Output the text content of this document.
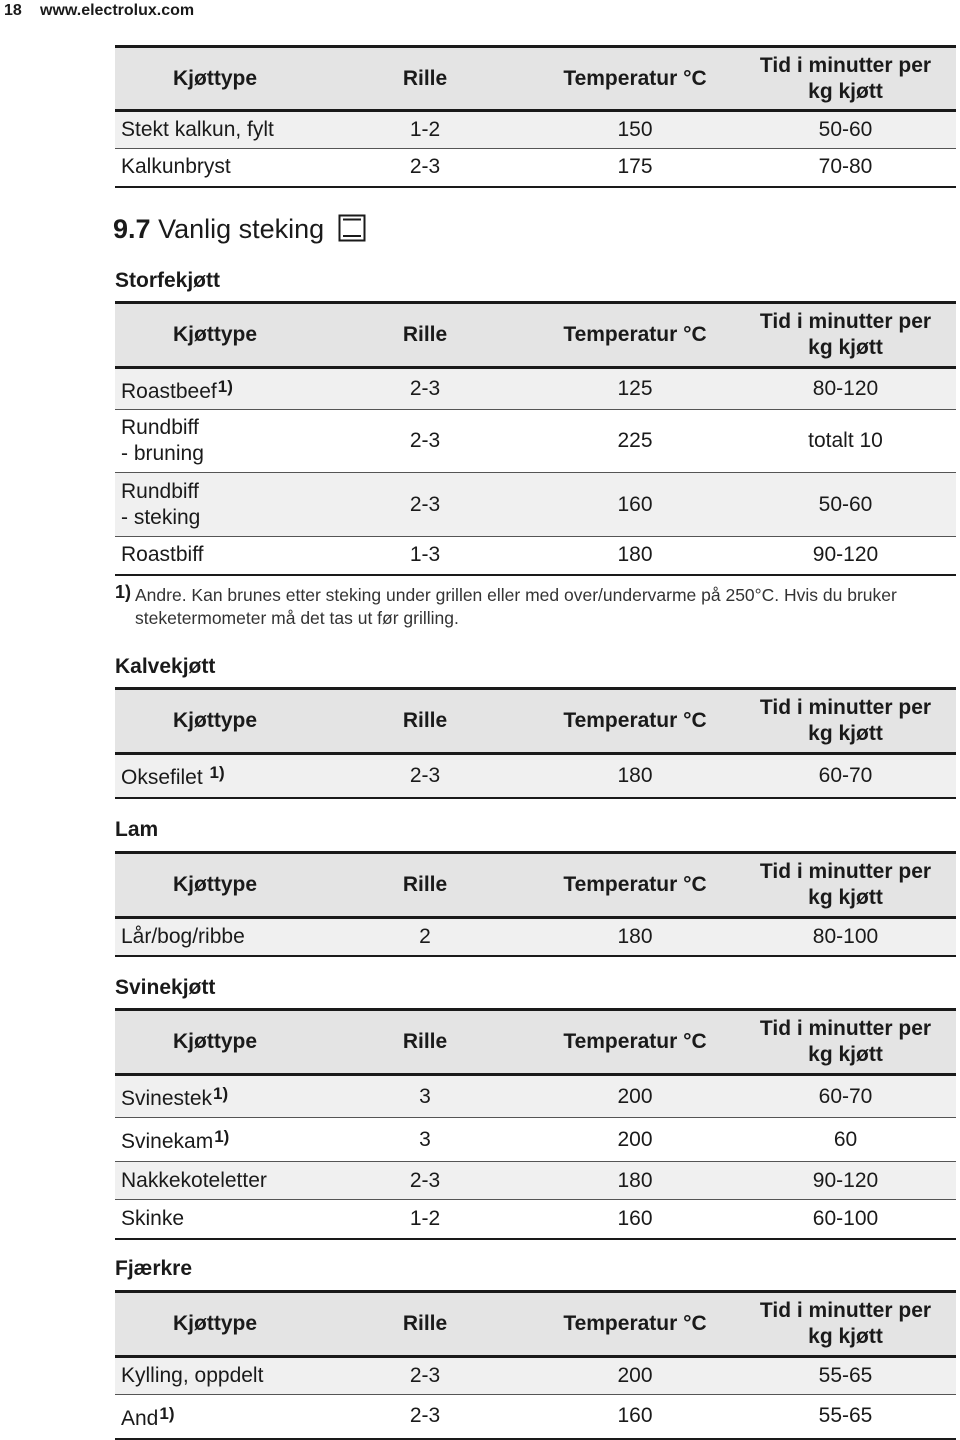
18 www.electrolux.com
Kjøttype	Rille	Temperatur °C	Tid i minutter per
kg kjøtt
Stekt kalkun, fylt	1-2	150	50-60
Kalkunbryst	2-3	175	70-80
9.7 Vanlig steking
Storfekjøtt
Kjøttype	Rille	Temperatur °C	Tid i minutter per
kg kjøtt
Roastbeef$^{1)}$	2-3	125	80-120
Rundbiff
- bruning	2-3	225	totalt 10
Rundbiff
- steking	2-3	160	50-60
Roastbiff	1-3	180	90-120
1) Andre. Kan brunes etter steking under grillen eller med over/undervarme på 250°C. Hvis du bruker steketermometer må det tas ut før grilling.
Kalvekjøtt
Kjøttype	Rille	Temperatur °C	Tid i minutter per
kg kjøtt
Oksefilet $^{1)}$	2-3	180	60-70
Lam
Kjøttype	Rille	Temperatur °C	Tid i minutter per
kg kjøtt
Lår/bog/ribbe	2	180	80-100
Svinekjøtt
Kjøttype	Rille	Temperatur °C	Tid i minutter per
kg kjøtt
Svinestek$^{1)}$	3	200	60-70
Svinekam$^{1)}$	3	200	60
Nakkekoteletter	2-3	180	90-120
Skinke	1-2	160	60-100
Fjærkre
Kjøttype	Rille	Temperatur °C	Tid i minutter per
kg kjøtt
Kylling, oppdelt	2-3	200	55-65
And$^{1)}$	2-3	160	55-65
